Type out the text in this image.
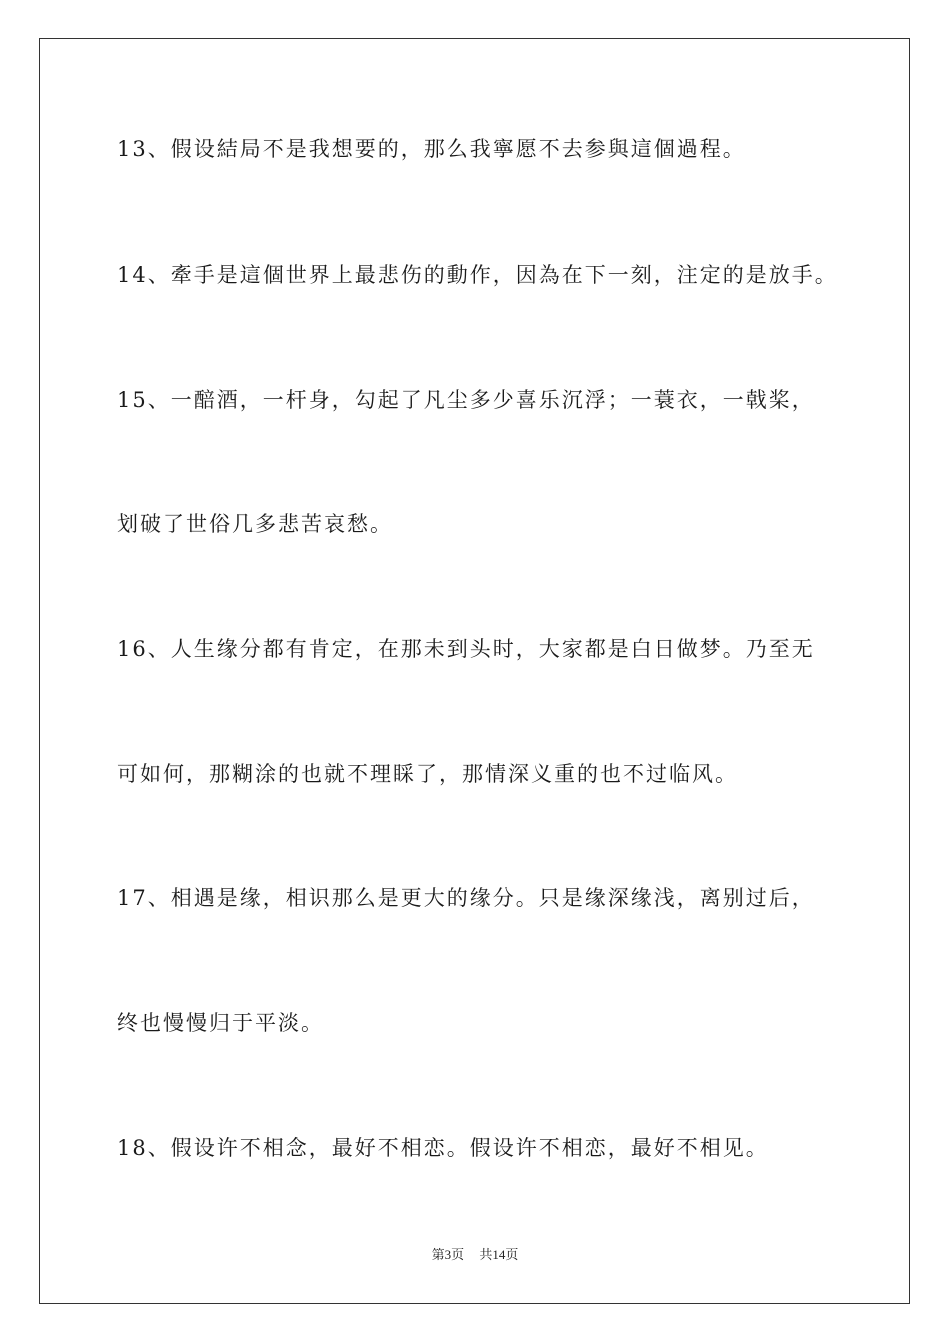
13、假设結局不是我想要的，那么我寧愿不去参與這個過程。
14、牽手是這個世界上最悲伤的動作，因為在下一刻，注定的是放手。
15、一醅酒，一杆身，勾起了凡尘多少喜乐沉浮；一蓑衣，一戟桨，
划破了世俗几多悲苦哀愁。
16、人生缘分都有肯定，在那未到头时，大家都是白日做梦。乃至无
可如何，那糊涂的也就不理睬了，那情深义重的也不过临风。
17、相遇是缘，相识那么是更大的缘分。只是缘深缘浅，离别过后，
终也慢慢归于平淡。
18、假设许不相念，最好不相恋。假设许不相恋，最好不相见。
第3页 共14页
